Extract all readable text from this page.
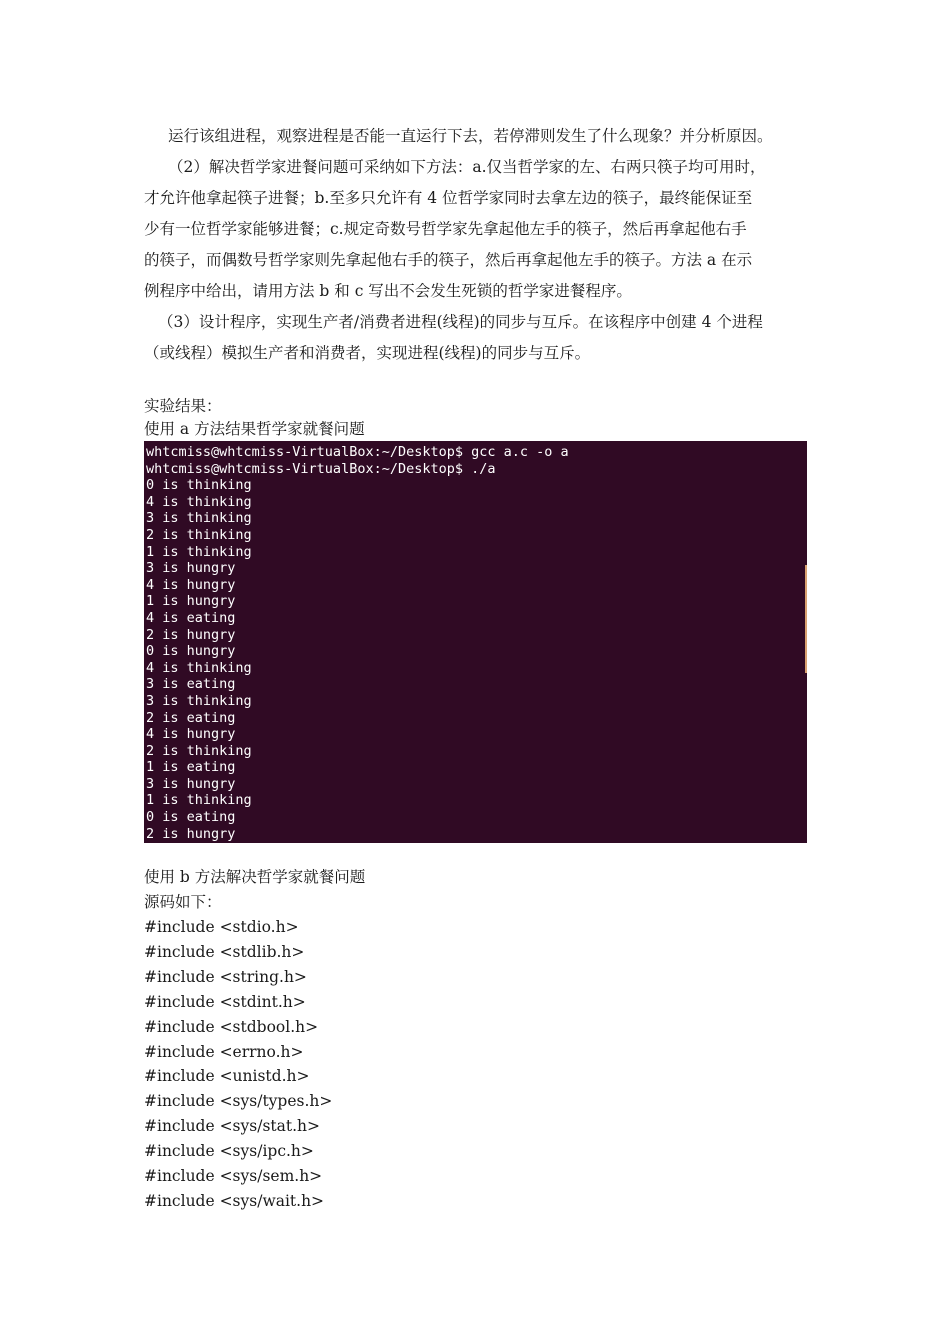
运行该组进程，观察进程是否能一直运行下去，若停滞则发生了什么现象？并分析原因。
（2）解决哲学家进餐问题可采纳如下方法：a.仅当哲学家的左、右两只筷子均可用时，
才允许他拿起筷子进餐；b.至多只允许有 4 位哲学家同时去拿左边的筷子，最终能保证至
少有一位哲学家能够进餐；c.规定奇数号哲学家先拿起他左手的筷子，然后再拿起他右手
的筷子，而偶数号哲学家则先拿起他右手的筷子，然后再拿起他左手的筷子。方法 a 在示
例程序中给出，请用方法 b 和 c 写出不会发生死锁的哲学家进餐程序。
（3）设计程序，实现生产者/消费者进程(线程)的同步与互斥。在该程序中创建 4 个进程
（或线程）模拟生产者和消费者，实现进程(线程)的同步与互斥。

实验结果：

使用 a 方法结果哲学家就餐问题

whtcmiss@whtcmiss-VirtualBox:~/Desktop$ gcc a.c -o a
whtcmiss@whtcmiss-VirtualBox:~/Desktop$ ./a
0 is thinking
4 is thinking
3 is thinking
2 is thinking
1 is thinking
3 is hungry
4 is hungry
1 is hungry
4 is eating
2 is hungry
0 is hungry
4 is thinking
3 is eating
3 is thinking
2 is eating
4 is hungry
2 is thinking
1 is eating
3 is hungry
1 is thinking
0 is eating
2 is hungry

使用 b 方法解决哲学家就餐问题

源码如下：

#include <stdio.h>
#include <stdlib.h>
#include <string.h>
#include <stdint.h>
#include <stdbool.h>
#include <errno.h>
#include <unistd.h>
#include <sys/types.h>
#include <sys/stat.h>
#include <sys/ipc.h>
#include <sys/sem.h>
#include <sys/wait.h>
